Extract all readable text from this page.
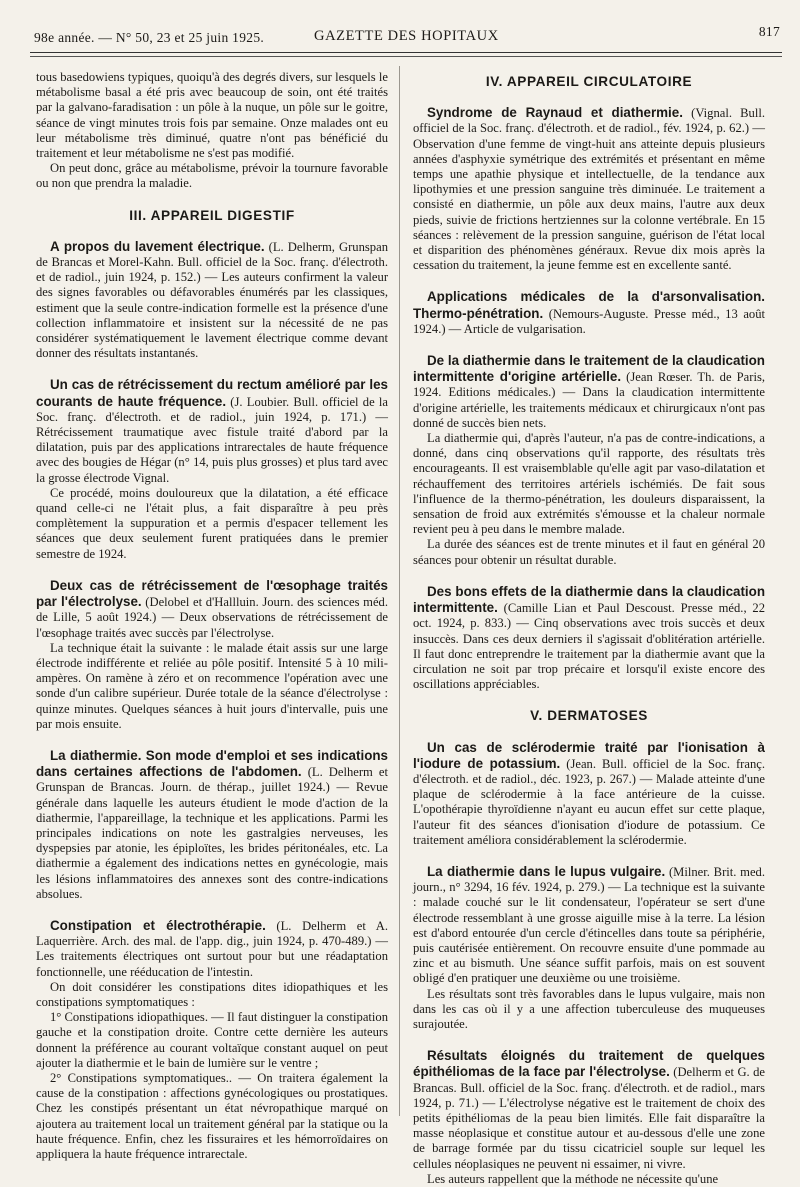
98e année. — N° 50, 23 et 25 juin 1925.	GAZETTE DES HOPITAUX	817

tous basedowiens typiques, quoiqu'à des degrés divers, sur lesquels le métabolisme basal a été pris avec beaucoup de soin, ont été traités par la galvano-faradisation : un pôle à la nuque, un pôle sur le goitre, séance de vingt minutes trois fois par semaine. Onze malades ont eu leur métabolisme très diminué, quatre n'ont pas bénéficié du traitement et leur métabolisme ne s'est pas modifié.

On peut donc, grâce au métabolisme, prévoir la tournure favorable ou non que prendra la maladie.

III. APPAREIL DIGESTIF

A propos du lavement électrique. (L. Delherm, Grunspan de Brancas et Morel-Kahn. Bull. officiel de la Soc. franç. d'électroth. et de radiol., juin 1924, p. 152.) — Les auteurs confirment la valeur des signes favorables ou défavorables énumérés par les classiques, estiment que la seule contre-indication formelle est la présence d'une collection inflammatoire et insistent sur la nécessité de ne pas considérer systématiquement le lavement électrique comme devant donner des résultats instantanés.

Un cas de rétrécissement du rectum amélioré par les courants de haute fréquence. (J. Loubier. Bull. officiel de la Soc. franç. d'électroth. et de radiol., juin 1924, p. 171.) — Rétrécissement traumatique avec fistule traité d'abord par la dilatation, puis par des applications intrarectales de haute fréquence avec des bougies de Hégar (n° 14, puis plus grosses) et plus tard avec la grosse électrode Vignal.

Ce procédé, moins douloureux que la dilatation, a été efficace quand celle-ci ne l'était plus, a fait disparaître à peu près complètement la suppuration et a permis d'espacer tellement les séances que deux seulement furent pratiquées dans le premier semestre de 1924.

Deux cas de rétrécissement de l'œsophage traités par l'électrolyse. (Delobel et d'Hallluin. Journ. des sciences méd. de Lille, 5 août 1924.) — Deux observations de rétrécissement de l'œsophage traités avec succès par l'électrolyse.

La technique était la suivante : le malade était assis sur une large électrode indifférente et reliée au pôle positif. Intensité 5 à 10 mili-ampères. On ramène à zéro et on recommence l'opération avec une sonde d'un calibre supérieur. Durée totale de la séance d'électrolyse : quinze minutes. Quelques séances à huit jours d'intervalle, puis une par mois ensuite.

La diathermie. Son mode d'emploi et ses indications dans certaines affections de l'abdomen. (L. Delherm et Grunspan de Brancas. Journ. de thérap., juillet 1924.) — Revue générale dans laquelle les auteurs étudient le mode d'action de la diathermie, l'appareillage, la technique et les applications. Parmi les principales indications on note les gastralgies nerveuses, les dyspepsies par atonie, les épiploïtes, les brides péritonéales, etc. La diathermie a également des indications nettes en gynécologie, mais les lésions inflammatoires des annexes sont des contre-indications absolues.

Constipation et électrothérapie. (L. Delherm et A. Laquerrière. Arch. des mal. de l'app. dig., juin 1924, p. 470-489.) — Les traitements électriques ont surtout pour but une réadaptation fonctionnelle, une rééducation de l'intestin.

On doit considérer les constipations dites idiopathiques et les constipations symptomatiques :

1° Constipations idiopathiques. — Il faut distinguer la constipation gauche et la constipation droite. Contre cette dernière les auteurs donnent la préférence au courant voltaïque constant auquel on peut ajouter la diathermie et le bain de lumière sur le ventre ;

2° Constipations symptomatiques.. — On traitera également la cause de la constipation : affections gynécologiques ou prostatiques. Chez les constipés présentant un état névropathique marqué on ajoutera au traitement local un traitement général par la statique ou la haute fréquence. Enfin, chez les fissuraires et les hémorroïdaires on appliquera la haute fréquence intrarectale.

IV. APPAREIL CIRCULATOIRE

Syndrome de Raynaud et diathermie. (Vignal. Bull. officiel de la Soc. franç. d'électroth. et de radiol., fév. 1924, p. 62.) — Observation d'une femme de vingt-huit ans atteinte depuis plusieurs années d'asphyxie symétrique des extrémités et présentant en même temps une apathie physique et intellectuelle, de la tendance aux lipothymies et une pression sanguine très diminuée. Le traitement a consisté en diathermie, un pôle aux deux mains, l'autre aux deux pieds, suivie de frictions hertziennes sur la colonne vertébrale. En 15 séances : relèvement de la pression sanguine, guérison de l'état local et disparition des phénomènes généraux. Revue dix mois après la cessation du traitement, la jeune femme est en excellente santé.

Applications médicales de la d'arsonvalisation. Thermo-pénétration. (Nemours-Auguste. Presse méd., 13 août 1924.) — Article de vulgarisation.

De la diathermie dans le traitement de la claudication intermittente d'origine artérielle. (Jean Rœser. Th. de Paris, 1924. Editions médicales.) — Dans la claudication intermittente d'origine artérielle, les traitements médicaux et chirurgicaux n'ont pas donné de succès bien nets.

La diathermie qui, d'après l'auteur, n'a pas de contre-indications, a donné, dans cinq observations qu'il rapporte, des résultats très encourageants. Il est vraisemblable qu'elle agit par vaso-dilatation et réchauffement des territoires artériels ischémiés. De fait sous l'influence de la thermo-pénétration, les douleurs disparaissent, la sensation de froid aux extrémités s'émousse et la chaleur normale revient peu à peu dans le membre malade.

La durée des séances est de trente minutes et il faut en général 20 séances pour obtenir un résultat durable.

Des bons effets de la diathermie dans la claudication intermittente. (Camille Lian et Paul Descoust. Presse méd., 22 oct. 1924, p. 833.) — Cinq observations avec trois succès et deux insuccès. Dans ces deux derniers il s'agissait d'oblitération artérielle. Il faut donc entreprendre le traitement par la diathermie avant que la circulation ne soit par trop précaire et lorsqu'il existe encore des oscillations appréciables.

V. DERMATOSES

Un cas de sclérodermie traité par l'ionisation à l'iodure de potassium. (Jean. Bull. officiel de la Soc. franç. d'électroth. et de radiol., déc. 1923, p. 267.) — Malade atteinte d'une plaque de sclérodermie à la face antérieure de la cuisse. L'opothérapie thyroïdienne n'ayant eu aucun effet sur cette plaque, l'auteur fit des séances d'ionisation d'iodure de potassium. Ce traitement améliora considérablement la sclérodermie.

La diathermie dans le lupus vulgaire. (Milner. Brit. med. journ., n° 3294, 16 fév. 1924, p. 279.) — La technique est la suivante : malade couché sur le lit condensateur, l'opérateur se sert d'une électrode ressemblant à une grosse aiguille mise à la terre. La lésion est d'abord entourée d'un cercle d'étincelles dans toute sa périphérie, puis cautérisée entièrement. On recouvre ensuite d'une pommade au zinc et au bismuth. Une séance suffit parfois, mais on est souvent obligé d'en pratiquer une deuxième ou une troisième.

Les résultats sont très favorables dans le lupus vulgaire, mais non dans les cas où il y a une affection tuberculeuse des muqueuses surajoutée.

Résultats éloignés du traitement de quelques épithéliomas de la face par l'électrolyse. (Delherm et G. de Brancas. Bull. officiel de la Soc. franç. d'électroth. et de radiol., mars 1924, p. 71.) — L'électrolyse négative est le traitement de choix des petits épithéliomas de la peau bien limités. Elle fait disparaître la masse néoplasique et constitue autour et au-dessous d'elle une zone de barrage formée par du tissu cicatriciel souple sur lequel les cellules néoplasiques ne peuvent ni essaimer, ni vivre.

Les auteurs rappellent que la méthode ne nécessite qu'une
